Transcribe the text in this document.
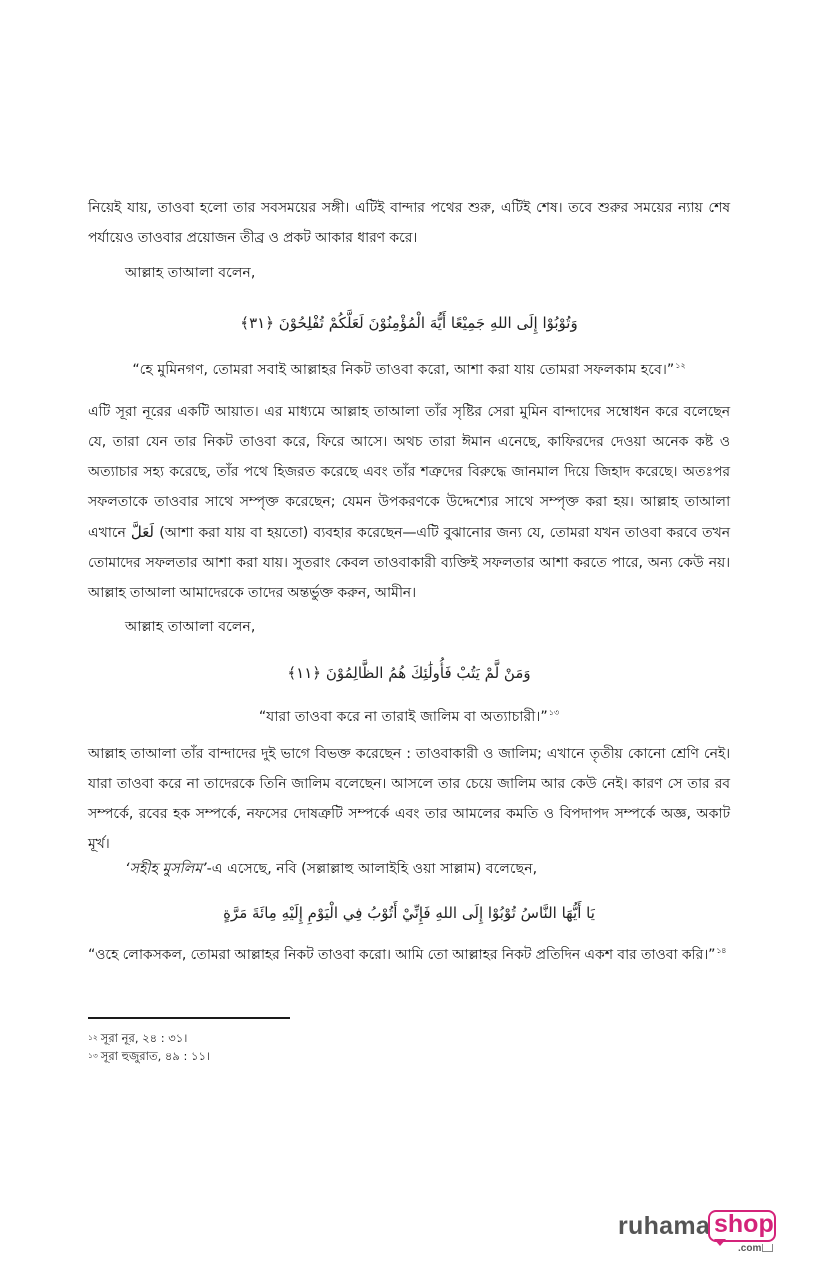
নিয়েই যায়, তাওবা হলো তার সবসময়ের সঙ্গী। এটিই বান্দার পথের শুরু, এটিই শেষ। তবে শুরুর সময়ের ন্যায় শেষ পর্যায়েও তাওবার প্রয়োজন তীব্র ও প্রকট আকার ধারণ করে।
আল্লাহ তাআলা বলেন,
وَتُوْبُوْا إِلَى اللهِ جَمِيْعًا أَيُّهَ الْمُؤْمِنُوْنَ لَعَلَّكُمْ تُفْلِحُوْنَ ﴿٣١﴾
“হে মুমিনগণ, তোমরা সবাই আল্লাহর নিকট তাওবা করো, আশা করা যায় তোমরা সফলকাম হবে।”$^{১২}$
এটি সূরা নূরের একটি আয়াত। এর মাধ্যমে আল্লাহ তাআলা তাঁর সৃষ্টির সেরা মুমিন বান্দাদের সম্বোধন করে বলেছেন যে, তারা যেন তার নিকট তাওবা করে, ফিরে আসে। অথচ তারা ঈমান এনেছে, কাফিরদের দেওয়া অনেক কষ্ট ও অত্যাচার সহ্য করেছে, তাঁর পথে হিজরত করেছে এবং তাঁর শত্রুদের বিরুদ্ধে জানমাল দিয়ে জিহাদ করেছে। অতঃপর সফলতাকে তাওবার সাথে সম্পৃক্ত করেছেন; যেমন উপকরণকে উদ্দেশ্যের সাথে সম্পৃক্ত করা হয়। আল্লাহ তাআলা এখানে لَعَلَّ (আশা করা যায় বা হয়তো) ব্যবহার করেছেন—এটি বুঝানোর জন্য যে, তোমরা যখন তাওবা করবে তখন তোমাদের সফলতার আশা করা যায়। সুতরাং কেবল তাওবাকারী ব্যক্তিই সফলতার আশা করতে পারে, অন্য কেউ নয়। আল্লাহ তাআলা আমাদেরকে তাদের অন্তর্ভুক্ত করুন, আমীন।
আল্লাহ তাআলা বলেন,
وَمَنْ لَّمْ يَتُبْ فَأُولَٰئِكَ هُمُ الظَّالِمُوْنَ ﴿١١﴾
“যারা তাওবা করে না তারাই জালিম বা অত্যাচারী।”$^{১৩}$
আল্লাহ তাআলা তাঁর বান্দাদের দুই ভাগে বিভক্ত করেছেন : তাওবাকারী ও জালিম; এখানে তৃতীয় কোনো শ্রেণি নেই। যারা তাওবা করে না তাদেরকে তিনি জালিম বলেছেন। আসলে তার চেয়ে জালিম আর কেউ নেই। কারণ সে তার রব সম্পর্কে, রবের হক সম্পর্কে, নফসের দোষত্রুটি সম্পর্কে এবং তার আমলের কমতি ও বিপদাপদ সম্পর্কে অজ্ঞ, অকাট মূর্খ।
‘সহীহ মুসলিম’-এ এসেছে, নবি (সল্লাল্লাহু আলাইহি ওয়া সাল্লাম) বলেছেন,
يَا أَيُّهَا النَّاسُ تُوْبُوْا إِلَى اللهِ فَإِنِّيْ أَتُوْبُ فِي الْيَوْمِ إِلَيْهِ مِائَةَ مَرَّةٍ
“ওহে লোকসকল, তোমরা আল্লাহর নিকট তাওবা করো। আমি তো আল্লাহর নিকট প্রতিদিন একশ বার তাওবা করি।”$^{১৪}$
$^{১২}$ সূরা নূর, ২৪ : ৩১।
$^{১৩}$ সূরা হুজুরাত, ৪৯ : ১১।
ruhama shop
.com
